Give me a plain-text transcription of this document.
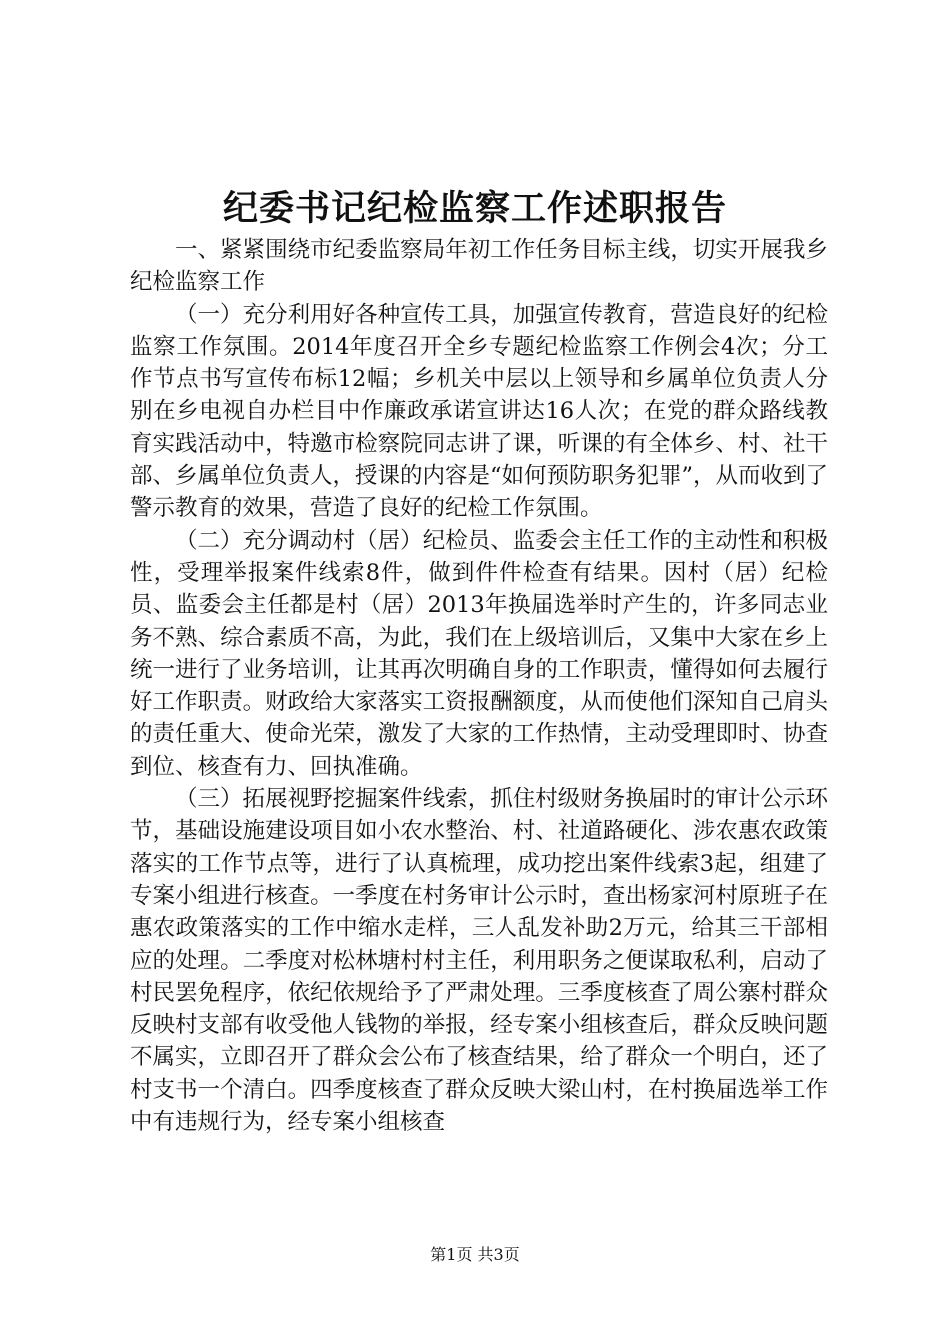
纪委书记纪检监察工作述职报告

一、紧紧围绕市纪委监察局年初工作任务目标主线，切实开展我乡纪检监察工作

（一）充分利用好各种宣传工具，加强宣传教育，营造良好的纪检监察工作氛围。2014年度召开全乡专题纪检监察工作例会4次；分工作节点书写宣传布标12幅；乡机关中层以上领导和乡属单位负责人分别在乡电视自办栏目中作廉政承诺宣讲达16人次；在党的群众路线教育实践活动中，特邀市检察院同志讲了课，听课的有全体乡、村、社干部、乡属单位负责人，授课的内容是“如何预防职务犯罪”，从而收到了警示教育的效果，营造了良好的纪检工作氛围。

（二）充分调动村（居）纪检员、监委会主任工作的主动性和积极性，受理举报案件线索8件，做到件件检查有结果。因村（居）纪检员、监委会主任都是村（居）2013年换届选举时产生的，许多同志业务不熟、综合素质不高，为此，我们在上级培训后，又集中大家在乡上统一进行了业务培训，让其再次明确自身的工作职责，懂得如何去履行好工作职责。财政给大家落实工资报酬额度，从而使他们深知自己肩头的责任重大、使命光荣，激发了大家的工作热情，主动受理即时、协查到位、核查有力、回执准确。

（三）拓展视野挖掘案件线索，抓住村级财务换届时的审计公示环节，基础设施建设项目如小农水整治、村、社道路硬化、涉农惠农政策落实的工作节点等，进行了认真梳理，成功挖出案件线索3起，组建了专案小组进行核查。一季度在村务审计公示时，查出杨家河村原班子在惠农政策落实的工作中缩水走样，三人乱发补助2万元，给其三干部相应的处理。二季度对松林塘村村主任，利用职务之便谋取私利，启动了村民罢免程序，依纪依规给予了严肃处理。三季度核查了周公寨村群众反映村支部有收受他人钱物的举报，经专案小组核查后，群众反映问题不属实，立即召开了群众会公布了核查结果，给了群众一个明白，还了村支书一个清白。四季度核查了群众反映大梁山村，在村换届选举工作中有违规行为，经专案小组核查

第1页 共3页
